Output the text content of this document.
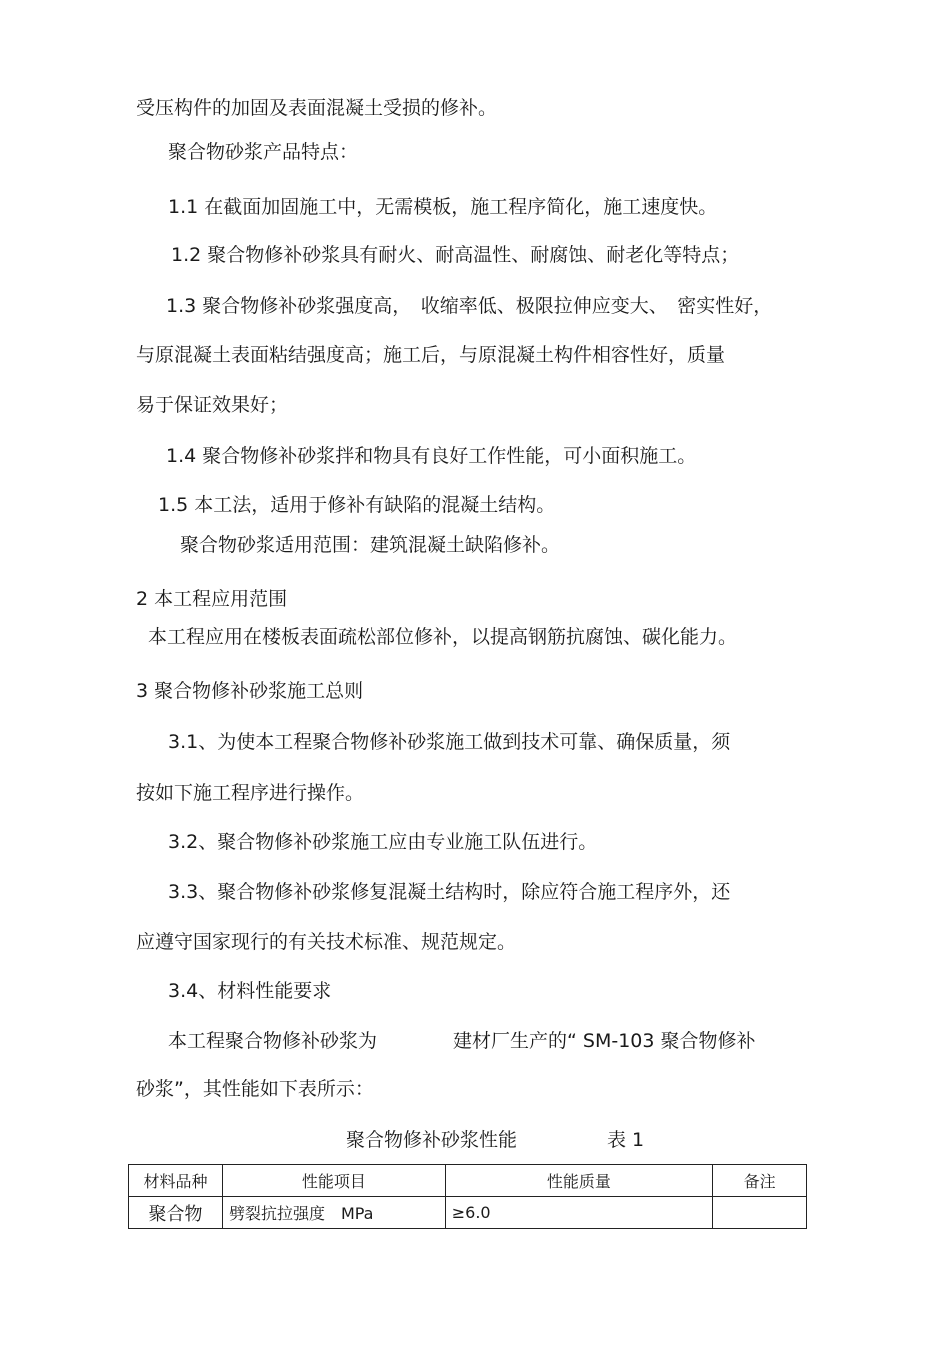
受压构件的加固及表面混凝土受损的修补。
聚合物砂浆产品特点：
1.1 在截面加固施工中，无需模板，施工程序简化，施工速度快。
1.2 聚合物修补砂浆具有耐火、耐高温性、耐腐蚀、耐老化等特点；
1.3 聚合物修补砂浆强度高，　收缩率低、极限拉伸应变大、　密实性好，
与原混凝土表面粘结强度高；施工后，与原混凝土构件相容性好，质量
易于保证效果好；
1.4 聚合物修补砂浆拌和物具有良好工作性能，可小面积施工。
1.5 本工法，适用于修补有缺陷的混凝土结构。
聚合物砂浆适用范围：建筑混凝土缺陷修补。
2 本工程应用范围
本工程应用在楼板表面疏松部位修补，以提高钢筋抗腐蚀、碳化能力。
3 聚合物修补砂浆施工总则
3.1、为使本工程聚合物修补砂浆施工做到技术可靠、确保质量，须
按如下施工程序进行操作。
3.2、聚合物修补砂浆施工应由专业施工队伍进行。
3.3、聚合物修补砂浆修复混凝土结构时，除应符合施工程序外，还
应遵守国家现行的有关技术标准、规范规定。
3.4、材料性能要求
本工程聚合物修补砂浆为　　　　建材厂生产的“ SM-103 聚合物修补
砂浆”，其性能如下表所示：
聚合物修补砂浆性能	表 1
材料品种	性能项目	性能质量	备注
聚合物	劈裂抗拉强度　MPa	≥6.0	
